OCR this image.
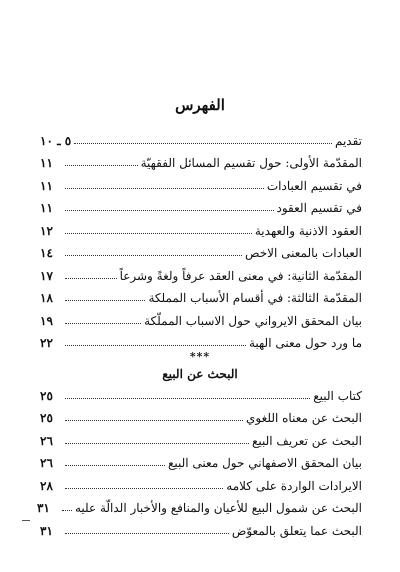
الفهرس
تقديم
٥ ـ ١٠
المقدّمة الأولى: حول تقسيم المسائل الفقهيّة
١١
في تقسيم العبادات
١١
في تقسيم العقود
١١
العقود الاذنية والعهدية
١٢
العبادات بالمعنى الاخص
١٤
المقدّمة الثانية: في معنى العقد عرفاً ولغةً وشرعاً
١٧
المقدّمة الثالثة: في أقسام الأسباب المملكة
١٨
بيان المحقق الايرواني حول الاسباب المملّكة
١٩
ما ورد حول معنى الهبة
٢٢
***
البحث عن البيع
كتاب البيع
٢٥
البحث عن معناه اللغوي
٢٥
البحث عن تعريف البيع
٢٦
بيان المحقق الاصفهاني حول معنى البيع
٢٦
الايرادات الواردة على كلامه
٢٨
البحث عن شمول البيع للأعيان والمنافع والأخبار الدالّة عليه
٣١
البحث عما يتعلق بالمعوّض
٣١
